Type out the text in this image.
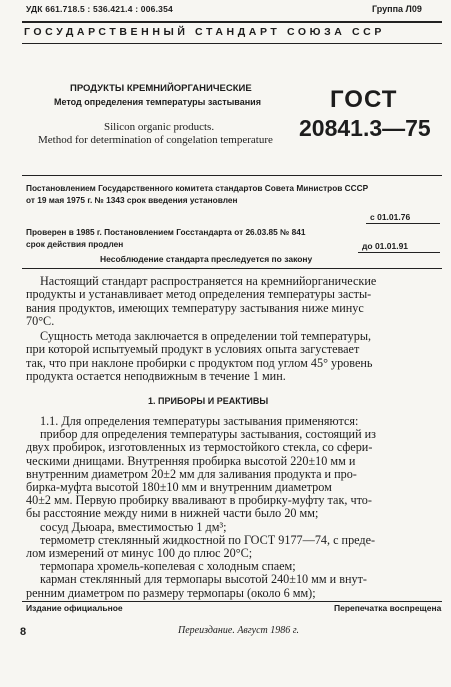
УДК 661.718.5 : 536.421.4 : 006.354	Группа Л09
ГОСУДАРСТВЕННЫЙ СТАНДАРТ СОЮЗА ССР
ПРОДУКТЫ КРЕМНИЙОРГАНИЧЕСКИЕ
Метод определения температуры застывания
Silicon organic products.
Method for determination of congelation temperature
ГОСТ
20841.3—75
Постановлением Государственного комитета стандартов Совета Министров СССР
от 19 мая 1975 г. № 1343 срок введения установлен
с 01.01.76
Проверен в 1985 г. Постановлением Госстандарта от 26.03.85 № 841
срок действия продлен	до 01.01.91
Несоблюдение стандарта преследуется по закону
Настоящий стандарт распространяется на кремнийорганические
продукты и устанавливает метод определения температуры засты-
вания продуктов, имеющих температуру застывания ниже минус
70°С.
Сущность метода заключается в определении той температуры,
при которой испытуемый продукт в условиях опыта загустевает
так, что при наклоне пробирки с продуктом под углом 45° уровень
продукта остается неподвижным в течение 1 мин.
1. ПРИБОРЫ И РЕАКТИВЫ
1.1. Для определения температуры застывания применяются:
прибор для определения температуры застывания, состоящий из
двух пробирок, изготовленных из термостойкого стекла, со сфери-
ческими днищами. Внутренняя пробирка высотой 220±10 мм и
внутренним диаметром 20±2 мм для заливания продукта и про-
бирка-муфта высотой 180±10 мм и внутренним диаметром
40±2 мм. Первую пробирку вваливают в пробирку-муфту так, что-
бы расстояние между ними в нижней части было 20 мм;
сосуд Дьюара, вместимостью 1 дм³;
термометр стеклянный жидкостной по ГОСТ 9177—74, с преде-
лом измерений от минус 100 до плюс 20°С;
термопара хромель-копелевая с холодным спаем;
карман стеклянный для термопары высотой 240±10 мм и внут-
ренним диаметром по размеру термопары (около 6 мм);
Издание официальное	Перепечатка воспрещена
8	Переиздание. Август 1986 г.
